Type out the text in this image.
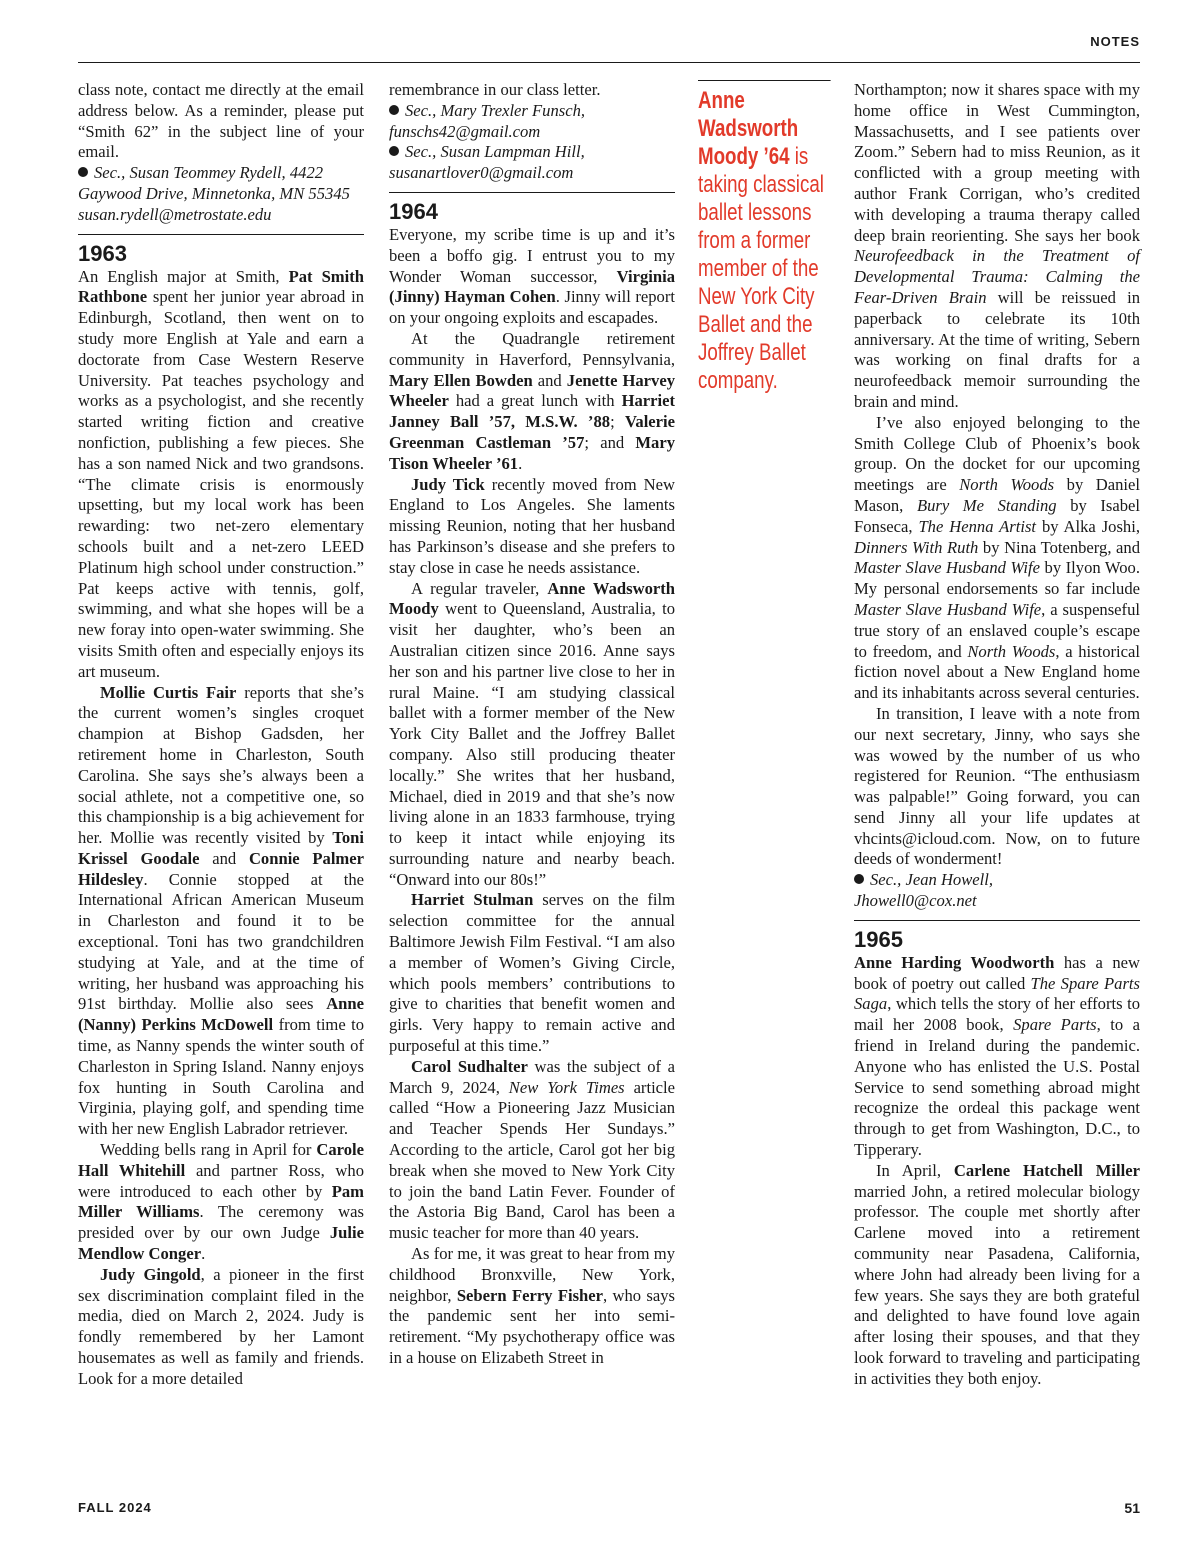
NOTES

class note, contact me directly at the email address below. As a reminder, please put “Smith 62” in the subject line of your email.

Sec., Susan Teommey Rydell, 4422 Gaywood Drive, Minnetonka, MN 55345 susan.rydell@metrostate.edu

1963

An English major at Smith, Pat Smith Rathbone spent her junior year abroad in Edinburgh, Scotland, then went on to study more English at Yale and earn a doctorate from Case Western Reserve University. Pat teaches psychology and works as a psychologist, and she recently started writing fiction and creative nonfiction, publishing a few pieces. She has a son named Nick and two grandsons. “The climate crisis is enormously upsetting, but my local work has been rewarding: two net-zero elementary schools built and a net-zero LEED Platinum high school under construction.” Pat keeps active with tennis, golf, swimming, and what she hopes will be a new foray into open-water swimming. She visits Smith often and especially enjoys its art museum.

Mollie Curtis Fair reports that she’s the current women’s singles croquet champion at Bishop Gadsden, her retirement home in Charleston, South Carolina. She says she’s always been a social athlete, not a competitive one, so this championship is a big achievement for her. Mollie was recently visited by Toni Krissel Goodale and Connie Palmer Hildesley. Connie stopped at the International African American Museum in Charleston and found it to be exceptional. Toni has two grandchildren studying at Yale, and at the time of writing, her husband was approaching his 91st birthday. Mollie also sees Anne (Nanny) Perkins McDowell from time to time, as Nanny spends the winter south of Charleston in Spring Island. Nanny enjoys fox hunting in South Carolina and Virginia, playing golf, and spending time with her new English Labrador retriever.

Wedding bells rang in April for Carole Hall Whitehill and partner Ross, who were introduced to each other by Pam Miller Williams. The ceremony was presided over by our own Judge Julie Mendlow Conger.

Judy Gingold, a pioneer in the first sex discrimination complaint filed in the media, died on March 2, 2024. Judy is fondly remembered by her Lamont housemates as well as family and friends. Look for a more detailed

remembrance in our class letter.

Sec., Mary Trexler Funsch,
funschs42@gmail.com

Sec., Susan Lampman Hill,
susanartlover0@gmail.com

1964

Everyone, my scribe time is up and it’s been a boffo gig. I entrust you to my Wonder Woman successor, Virginia (Jinny) Hayman Cohen. Jinny will report on your ongoing exploits and escapades.

At the Quadrangle retirement community in Haverford, Pennsylvania, Mary Ellen Bowden and Jenette Harvey Wheeler had a great lunch with Harriet Janney Ball ’57, M.S.W. ’88; Valerie Greenman Castleman ’57; and Mary Tison Wheeler ’61.

Judy Tick recently moved from New England to Los Angeles. She laments missing Reunion, noting that her husband has Parkinson’s disease and she prefers to stay close in case he needs assistance.

A regular traveler, Anne Wadsworth Moody went to Queensland, Australia, to visit her daughter, who’s been an Australian citizen since 2016. Anne says her son and his partner live close to her in rural Maine. “I am studying classical ballet with a former member of the New York City Ballet and the Joffrey Ballet company. Also still producing theater locally.” She writes that her husband, Michael, died in 2019 and that she’s now living alone in an 1833 farmhouse, trying to keep it intact while enjoying its surrounding nature and nearby beach. “Onward into our 80s!”

Harriet Stulman serves on the film selection committee for the annual Baltimore Jewish Film Festival. “I am also a member of Women’s Giving Circle, which pools members’ contributions to give to charities that benefit women and girls. Very happy to remain active and purposeful at this time.”

Carol Sudhalter was the subject of a March 9, 2024, New York Times article called “How a Pioneering Jazz Musician and Teacher Spends Her Sundays.” According to the article, Carol got her big break when she moved to New York City to join the band Latin Fever. Founder of the Astoria Big Band, Carol has been a music teacher for more than 40 years.

As for me, it was great to hear from my childhood Bronxville, New York, neighbor, Sebern Ferry Fisher, who says the pandemic sent her into semi-retirement. “My psychotherapy office was in a house on Elizabeth Street in

Anne Wadsworth Moody ’64 is taking classical ballet lessons from a former member of the New York City Ballet and the Joffrey Ballet company.

Northampton; now it shares space with my home office in West Cummington, Massachusetts, and I see patients over Zoom.” Sebern had to miss Reunion, as it conflicted with a group meeting with author Frank Corrigan, who’s credited with developing a trauma therapy called deep brain reorienting. She says her book Neurofeedback in the Treatment of Developmental Trauma: Calming the Fear-Driven Brain will be reissued in paperback to celebrate its 10th anniversary. At the time of writing, Sebern was working on final drafts for a neurofeedback memoir surrounding the brain and mind.

I’ve also enjoyed belonging to the Smith College Club of Phoenix’s book group. On the docket for our upcoming meetings are North Woods by Daniel Mason, Bury Me Standing by Isabel Fonseca, The Henna Artist by Alka Joshi, Dinners With Ruth by Nina Totenberg, and Master Slave Husband Wife by Ilyon Woo. My personal endorsements so far include Master Slave Husband Wife, a suspenseful true story of an enslaved couple’s escape to freedom, and North Woods, a historical fiction novel about a New England home and its inhabitants across several centuries.

In transition, I leave with a note from our next secretary, Jinny, who says she was wowed by the number of us who registered for Reunion. “The enthusiasm was palpable!” Going forward, you can send Jinny all your life updates at vhcints@icloud.com. Now, on to future deeds of wonderment!

Sec., Jean Howell,
Jhowell0@cox.net

1965

Anne Harding Woodworth has a new book of poetry out called The Spare Parts Saga, which tells the story of her efforts to mail her 2008 book, Spare Parts, to a friend in Ireland during the pandemic. Anyone who has enlisted the U.S. Postal Service to send something abroad might recognize the ordeal this package went through to get from Washington, D.C., to Tipperary.

In April, Carlene Hatchell Miller married John, a retired molecular biology professor. The couple met shortly after Carlene moved into a retirement community near Pasadena, California, where John had already been living for a few years. She says they are both grateful and delighted to have found love again after losing their spouses, and that they look forward to traveling and participating in activities they both enjoy.

FALL 2024	51
